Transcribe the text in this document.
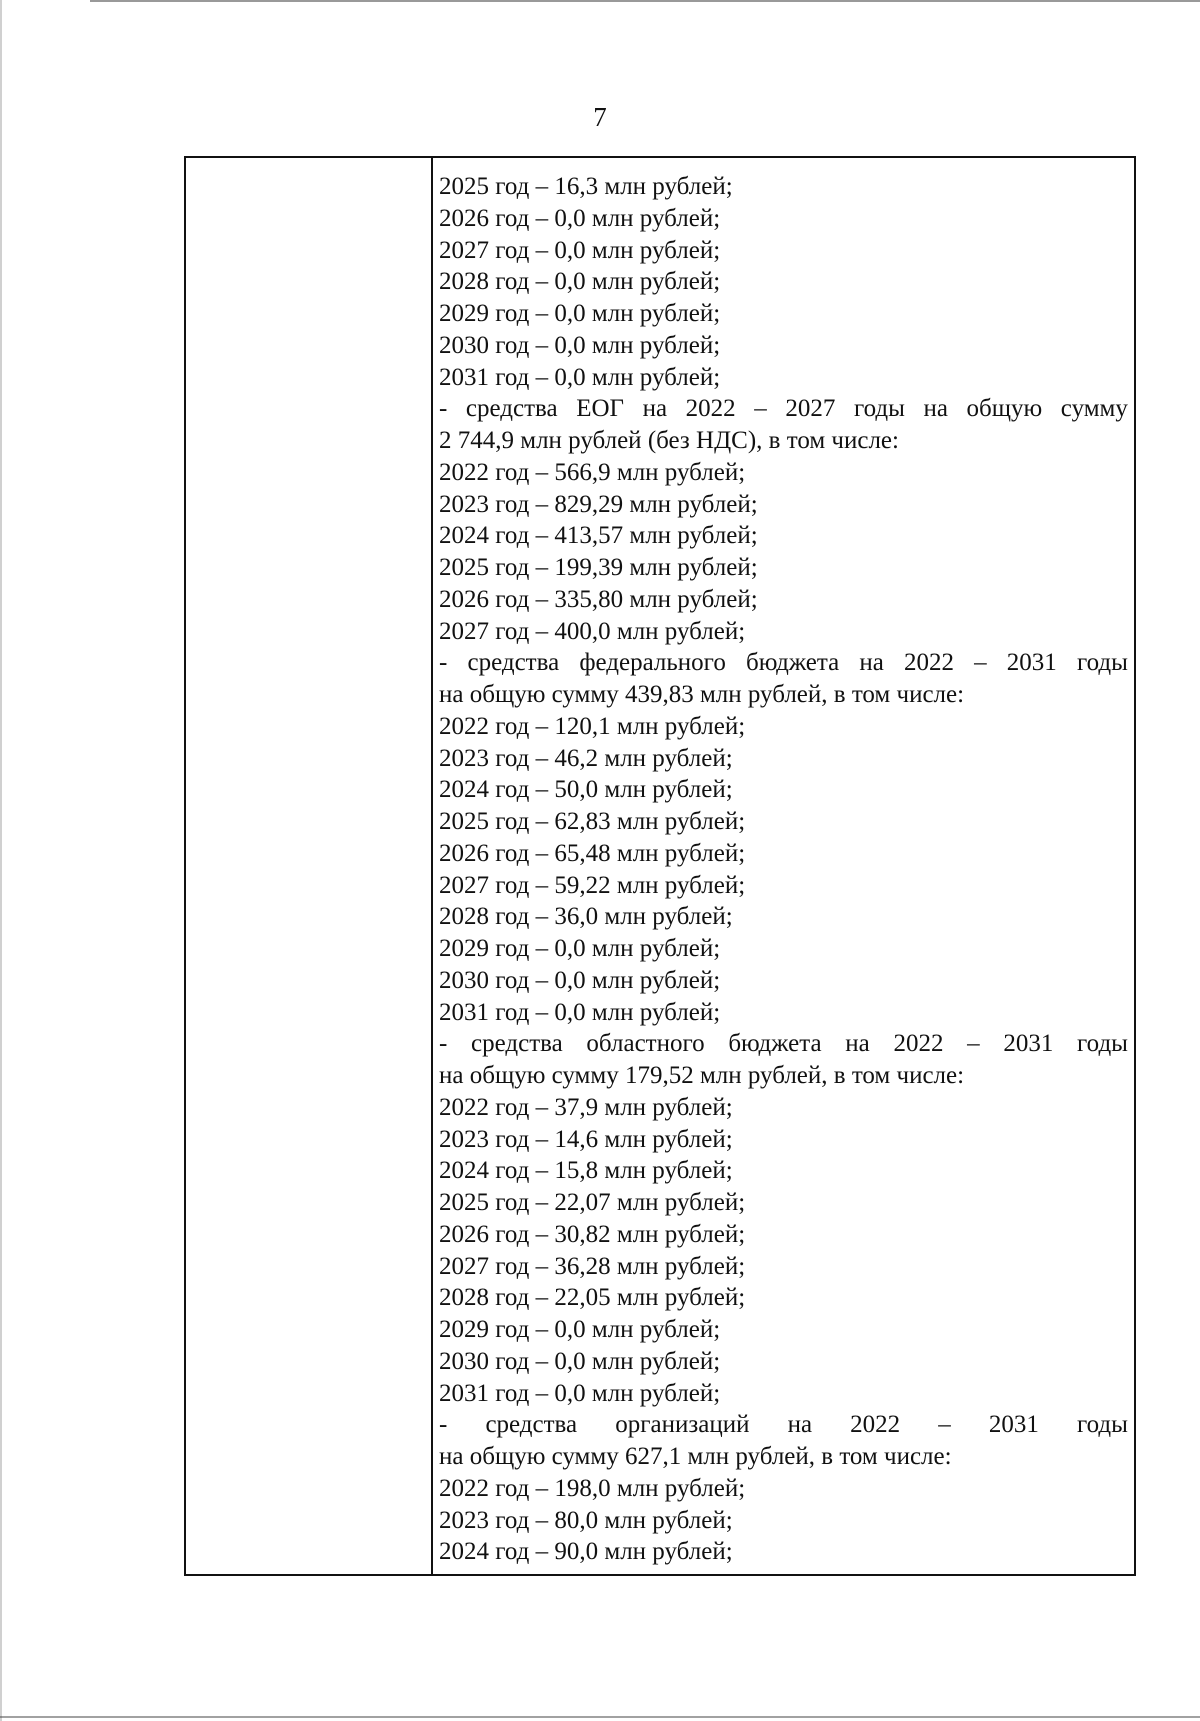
7
2025 год – 16,3 млн рублей;
2026 год – 0,0 млн рублей;
2027 год – 0,0 млн рублей;
2028 год – 0,0 млн рублей;
2029 год – 0,0 млн рублей;
2030 год – 0,0 млн рублей;
2031 год – 0,0 млн рублей;
- средства ЕОГ на 2022 – 2027 годы на общую сумму
2 744,9 млн рублей (без НДС), в том числе:
2022 год – 566,9 млн рублей;
2023 год – 829,29 млн рублей;
2024 год – 413,57 млн рублей;
2025 год – 199,39 млн рублей;
2026 год – 335,80 млн рублей;
2027 год – 400,0 млн рублей;
- средства федерального бюджета на 2022 – 2031 годы
на общую сумму 439,83 млн рублей, в том числе:
2022 год – 120,1 млн рублей;
2023 год – 46,2 млн рублей;
2024 год – 50,0 млн рублей;
2025 год – 62,83 млн рублей;
2026 год – 65,48 млн рублей;
2027 год – 59,22 млн рублей;
2028 год – 36,0 млн рублей;
2029 год – 0,0 млн рублей;
2030 год – 0,0 млн рублей;
2031 год – 0,0 млн рублей;
- средства областного бюджета на 2022 – 2031 годы
на общую сумму 179,52 млн рублей, в том числе:
2022 год – 37,9 млн рублей;
2023 год – 14,6 млн рублей;
2024 год – 15,8 млн рублей;
2025 год – 22,07 млн рублей;
2026 год – 30,82 млн рублей;
2027 год – 36,28 млн рублей;
2028 год – 22,05 млн рублей;
2029 год – 0,0 млн рублей;
2030 год – 0,0 млн рублей;
2031 год – 0,0 млн рублей;
- средства организаций на 2022 – 2031 годы
на общую сумму 627,1 млн рублей, в том числе:
2022 год – 198,0 млн рублей;
2023 год – 80,0 млн рублей;
2024 год – 90,0 млн рублей;
